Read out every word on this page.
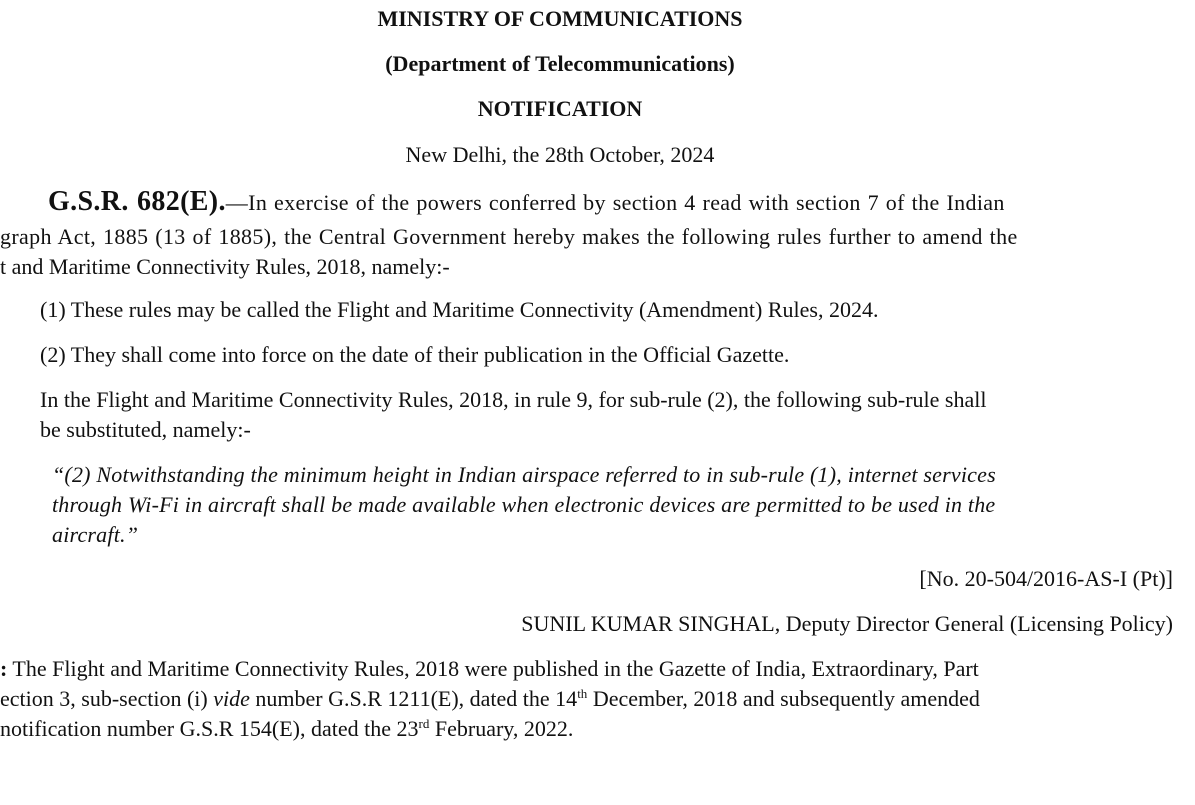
MINISTRY OF COMMUNICATIONS
(Department of Telecommunications)
NOTIFICATION
New Delhi, the 28th October, 2024
G.S.R. 682(E).—In exercise of the powers conferred by section 4 read with section 7 of the Indian
graph Act, 1885 (13 of 1885), the Central Government hereby makes the following rules further to amend the
t and Maritime Connectivity Rules, 2018, namely:-
(1) These rules may be called the Flight and Maritime Connectivity (Amendment) Rules, 2024.
(2) They shall come into force on the date of their publication in the Official Gazette.
In the Flight and Maritime Connectivity Rules, 2018, in rule 9, for sub-rule (2), the following sub-rule shall
be substituted, namely:-
“(2) Notwithstanding the minimum height in Indian airspace referred to in sub-rule (1), internet services
through Wi-Fi in aircraft shall be made available when electronic devices are permitted to be used in the
aircraft.”
[No. 20-504/2016-AS-I (Pt)]
SUNIL KUMAR SINGHAL, Deputy Director General (Licensing Policy)
: The Flight and Maritime Connectivity Rules, 2018 were published in the Gazette of India, Extraordinary, Part
ection 3, sub-section (i) vide number G.S.R 1211(E), dated the 14th December, 2018 and subsequently amended
notification number G.S.R 154(E), dated the 23rd February, 2022.
